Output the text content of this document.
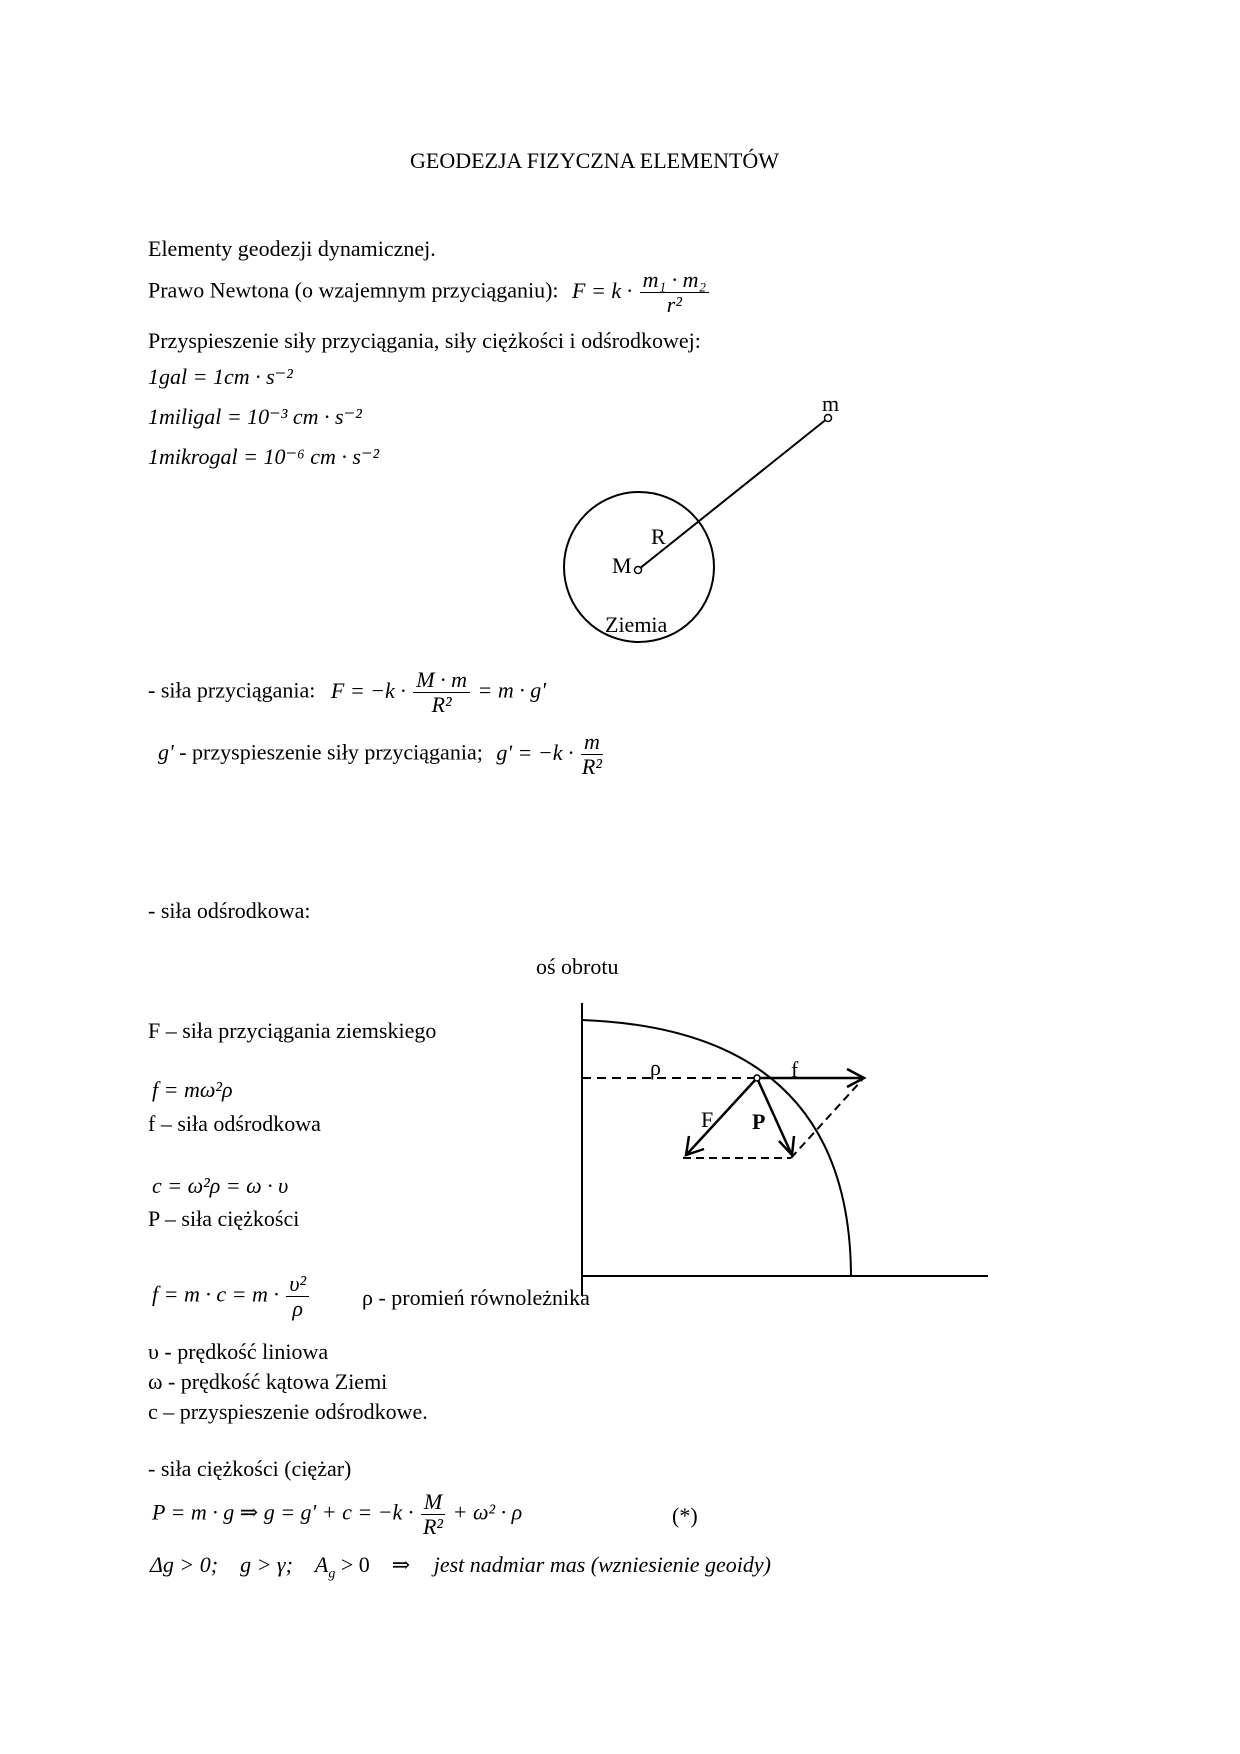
GEODEZJA FIZYCZNA ELEMENTÓW
Elementy geodezji dynamicznej.
Prawo Newtona (o wzajemnym przyciąganiu): $F = k \cdot \frac{\text{m₁ · m₂}}{\text{r²}}$
Przyspieszenie siły przyciągania, siły ciężkości i odśrodkowej:
1gal = 1cm · s⁻²
1miligal = 10⁻³ cm · s⁻²
1mikrogal = 10⁻⁶ cm · s⁻²
m
R
M
Ziemia
- siła przyciągania: $F = -k \cdot \frac{M \cdot m}{\text{R²}} = m \cdot g'$
g' - przyspieszenie siły przyciągania; $g' = -k \cdot \frac{m}{\text{R²}}$
- siła odśrodkowa:
oś obrotu
ρ	f
F P
F – siła przyciągania ziemskiego
f = mω²ρ
f – siła odśrodkowa
c = ω²ρ = ω · υ
P – siła ciężkości
$f = m \cdot c = m \cdot \frac{\text{υ²}}{\rho}$ ρ - promień równoleżnika
υ - prędkość liniowa
ω - prędkość kątowa Ziemi
c – przyspieszenie odśrodkowe.
- siła ciężkości (ciężar)
P = m · g ⇒ $g = g' + c = -k \cdot \frac{M}{\text{R²}} + \omega^2 \cdot \rho$	(*)
Δg > 0;    g > γ;    $A_g > 0$    ⇒ jest nadmiar mas (wzniesienie geoidy)
